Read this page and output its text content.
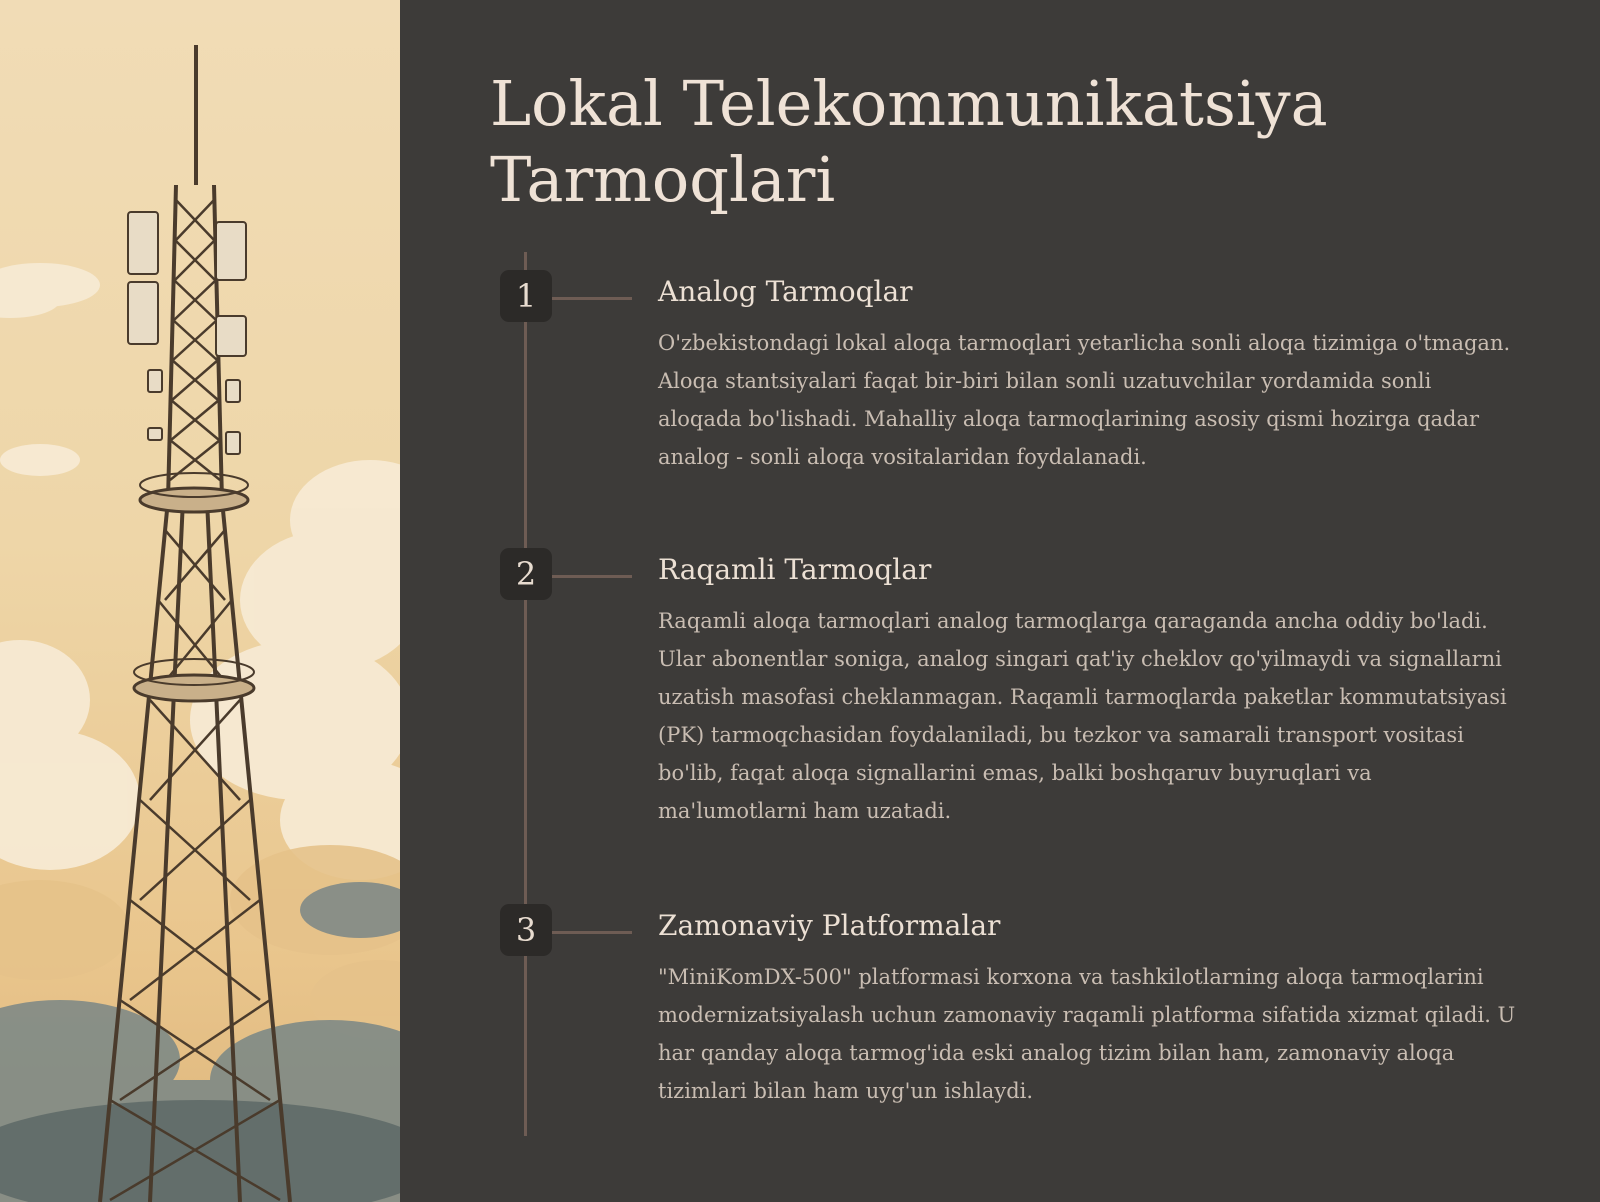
Lokal Telekommunikatsiya Tarmoqlari
1	Analog Tarmoqlar

O'zbekistondagi lokal aloqa tarmoqlari yetarlicha sonli aloqa tizimiga o'tmagan. Aloqa stantsiyalari faqat bir-biri bilan sonli uzatuvchilar yordamida sonli aloqada bo'lishadi. Mahalliy aloqa tarmoqlarining asosiy qismi hozirga qadar analog - sonli aloqa vositalaridan foydalanadi.

2	Raqamli Tarmoqlar

Raqamli aloqa tarmoqlari analog tarmoqlarga qaraganda ancha oddiy bo'ladi. Ular abonentlar soniga, analog singari qat'iy cheklov qo'yilmaydi va signallarni uzatish masofasi cheklanmagan. Raqamli tarmoqlarda paketlar kommutatsiyasi (PK) tarmoqchasidan foydalaniladi, bu tezkor va samarali transport vositasi bo'lib, faqat aloqa signallarini emas, balki boshqaruv buyruqlari va ma'lumotlarni ham uzatadi.

3	Zamonaviy Platformalar

"MiniKomDX-500" platformasi korxona va tashkilotlarning aloqa tarmoqlarini modernizatsiyalash uchun zamonaviy raqamli platforma sifatida xizmat qiladi. U har qanday aloqa tarmog'ida eski analog tizim bilan ham, zamonaviy aloqa tizimlari bilan ham uyg'un ishlaydi.
